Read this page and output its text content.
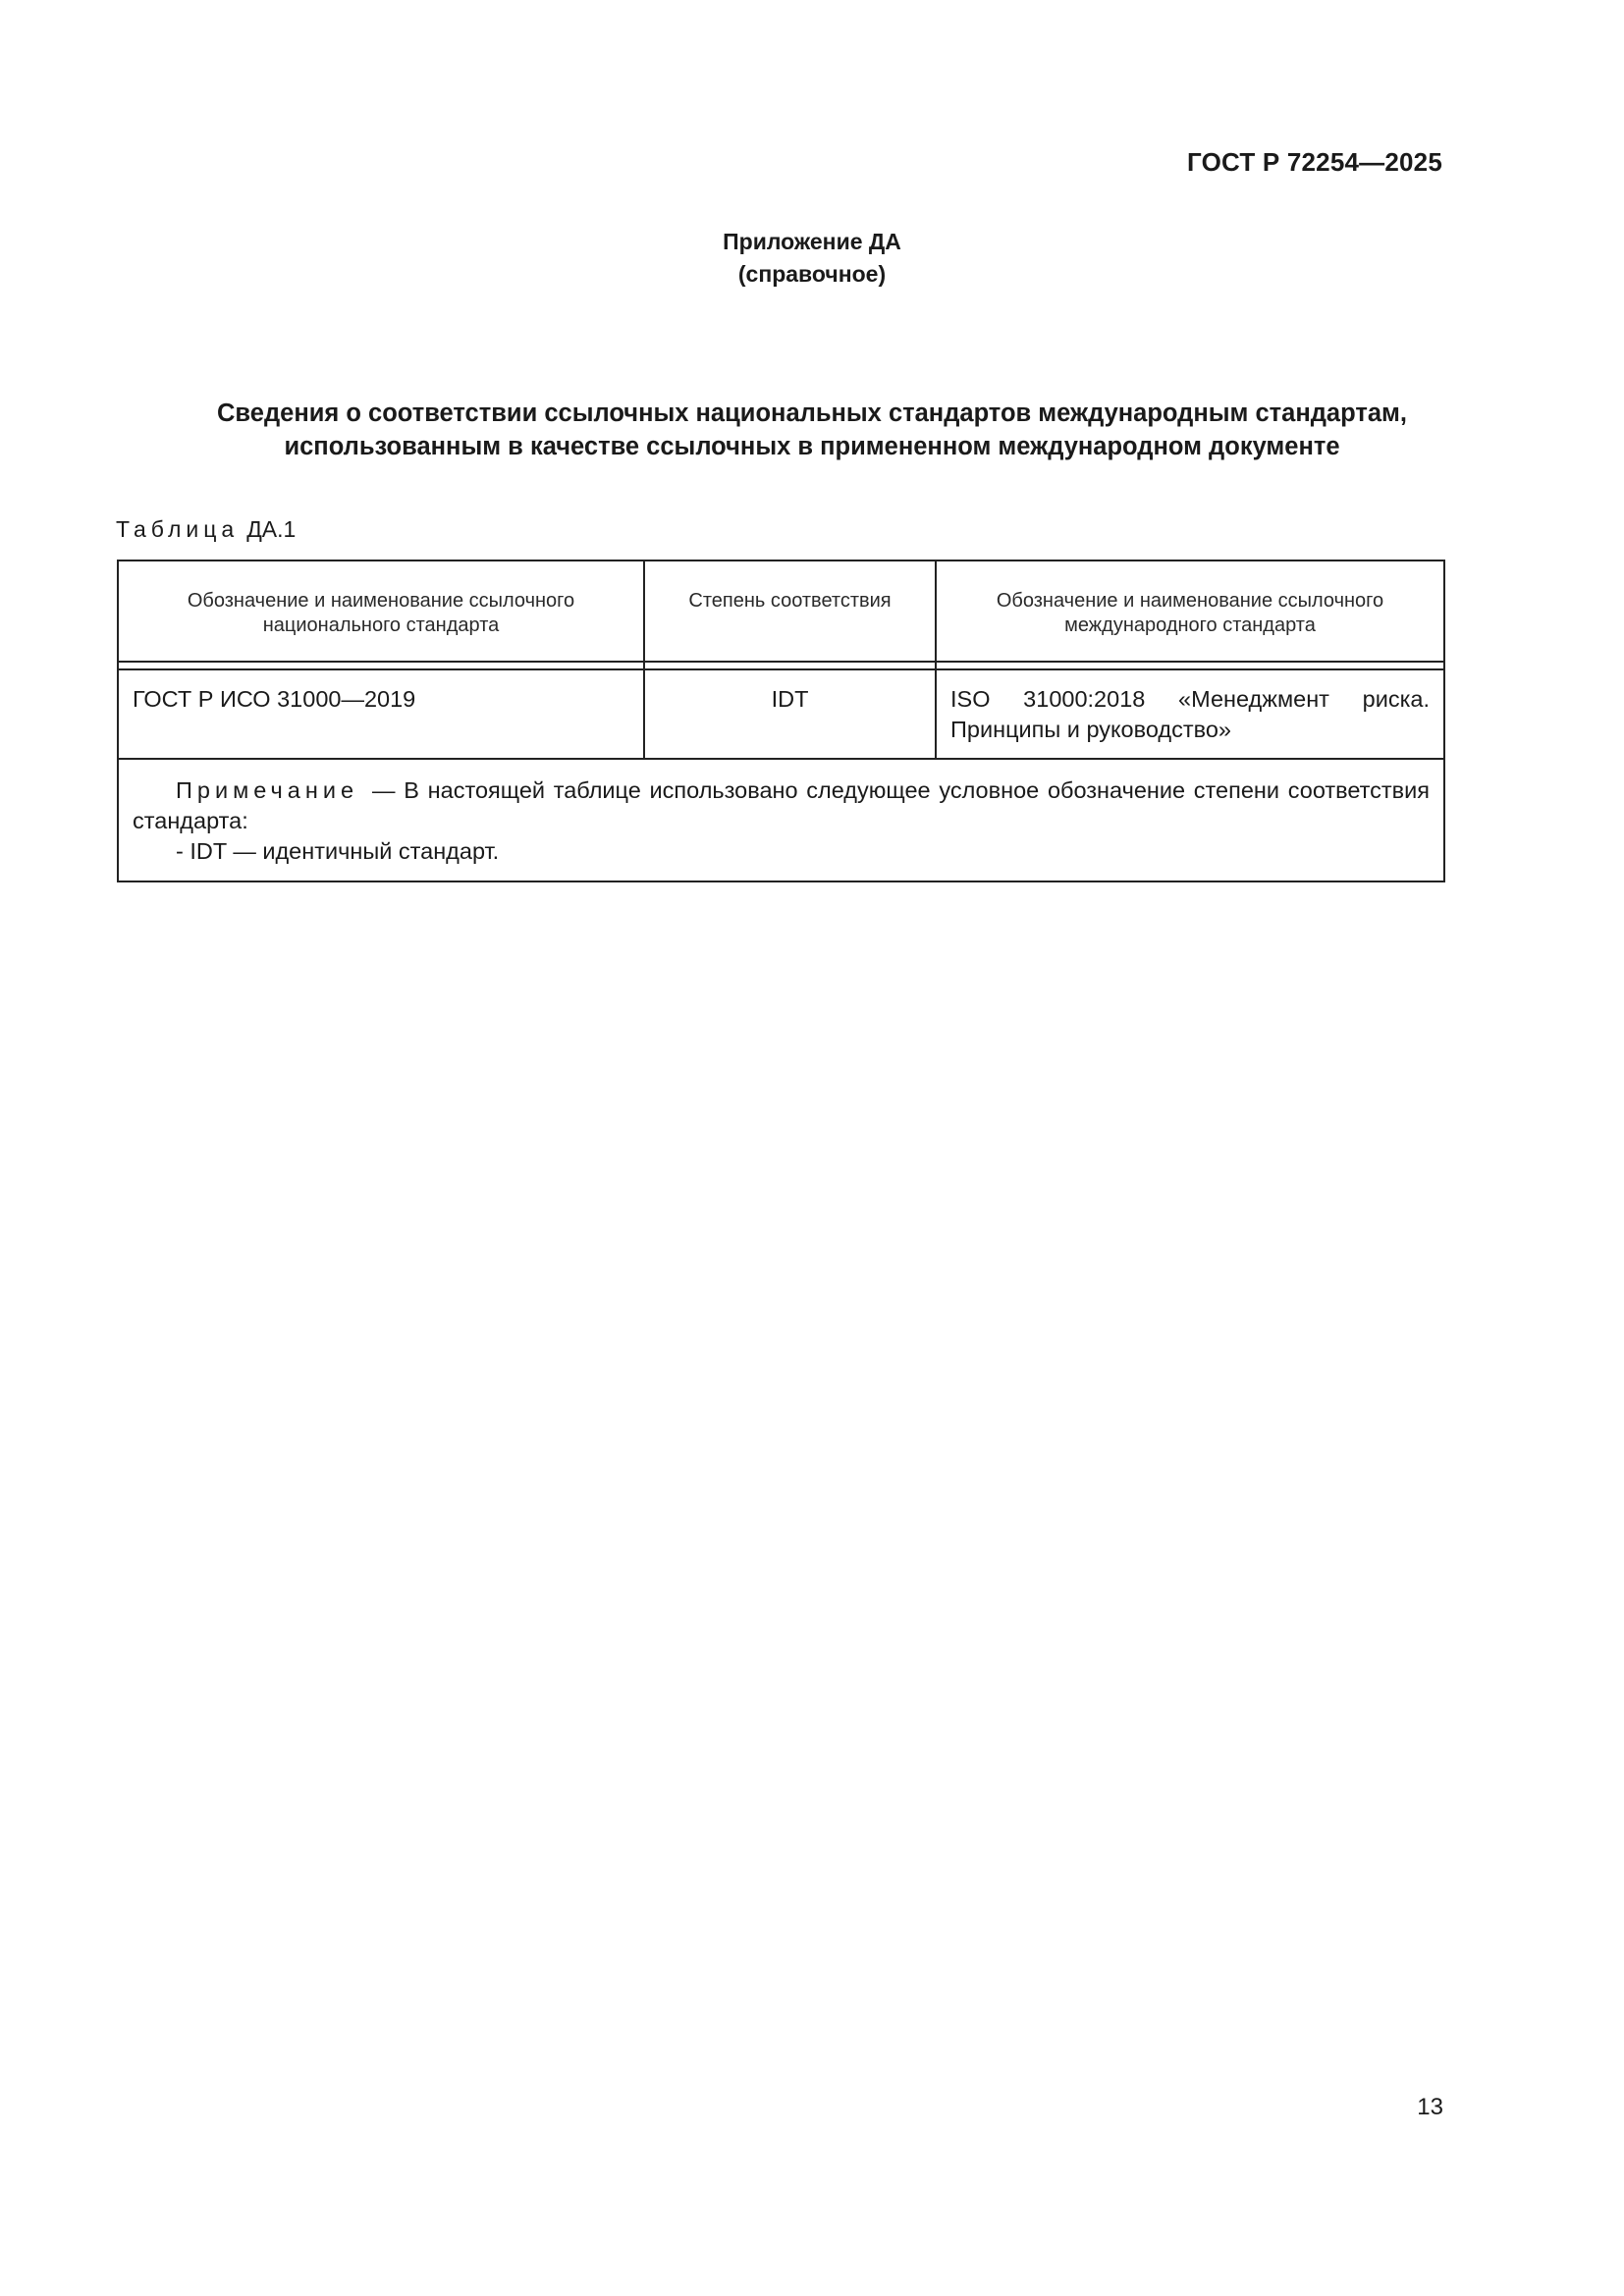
ГОСТ Р 72254—2025
Приложение ДА
(справочное)
Сведения о соответствии ссылочных национальных стандартов международным стандартам,
использованным в качестве ссылочных в примененном международном документе
Таблица ДА.1
Обозначение и наименование ссылочного национального стандарта	Степень соответствия	Обозначение и наименование ссылочного международного стандарта

ГОСТ Р ИСО 31000—2019	IDT	ISO 31000:2018 «Менеджмент риска. Принципы и руководство»
Примечание — В настоящей таблице использовано следующее условное обозначение степени соответствия стандарта:
- IDT — идентичный стандарт.		
13
